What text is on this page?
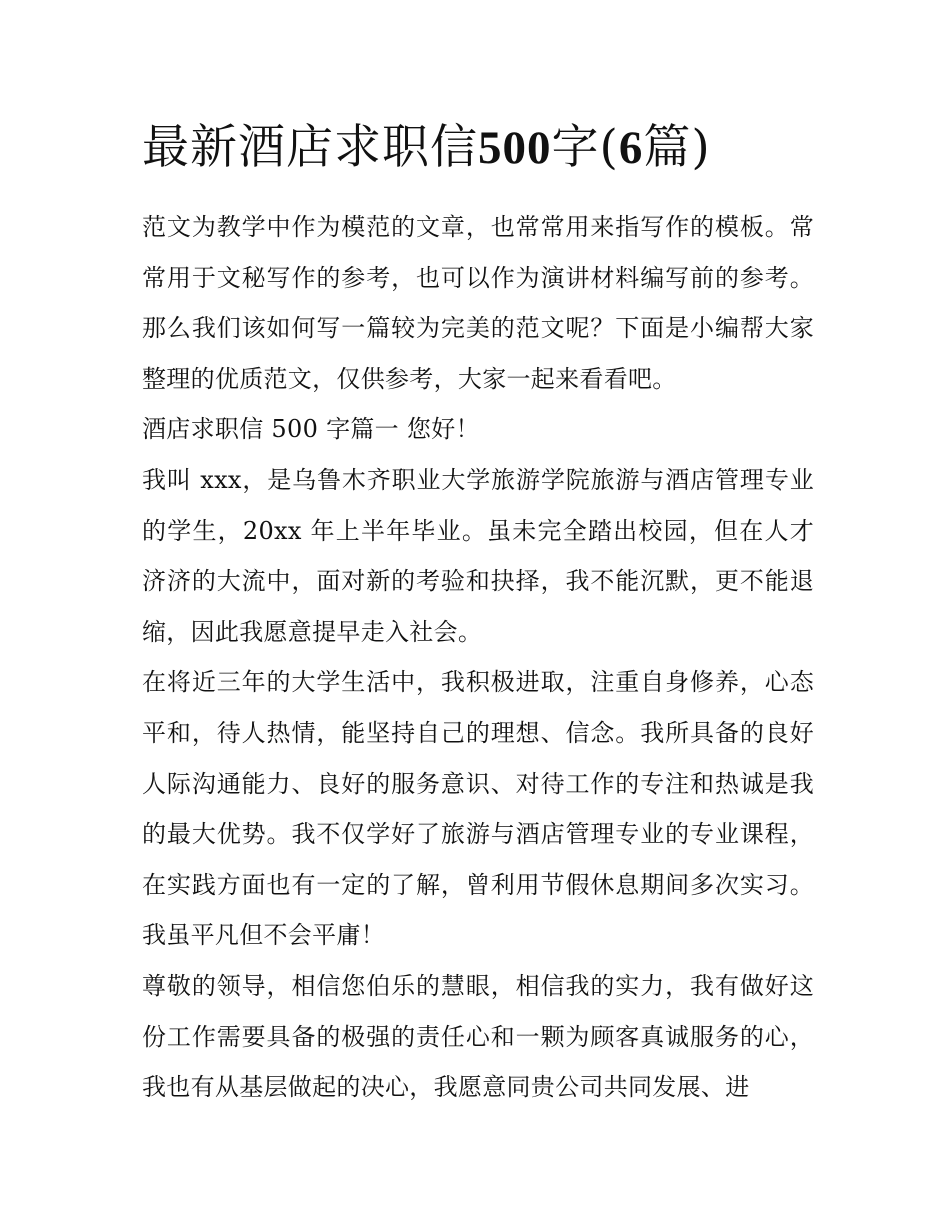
最新酒店求职信500字(6篇)

范文为教学中作为模范的文章，也常常用来指写作的模板。常常用于文秘写作的参考，也可以作为演讲材料编写前的参考。那么我们该如何写一篇较为完美的范文呢？下面是小编帮大家整理的优质范文，仅供参考，大家一起来看看吧。

酒店求职信 500 字篇一 您好！

我叫 xxx，是乌鲁木齐职业大学旅游学院旅游与酒店管理专业的学生，20xx 年上半年毕业。虽未完全踏出校园，但在人才济济的大流中，面对新的考验和抉择，我不能沉默，更不能退缩，因此我愿意提早走入社会。

在将近三年的大学生活中，我积极进取，注重自身修养，心态平和，待人热情，能坚持自己的理想、信念。我所具备的良好人际沟通能力、良好的服务意识、对待工作的专注和热诚是我的最大优势。我不仅学好了旅游与酒店管理专业的专业课程，在实践方面也有一定的了解，曾利用节假休息期间多次实习。我虽平凡但不会平庸！

尊敬的领导，相信您伯乐的慧眼，相信我的实力，我有做好这份工作需要具备的极强的责任心和一颗为顾客真诚服务的心，我也有从基层做起的决心，我愿意同贵公司共同发展、进
